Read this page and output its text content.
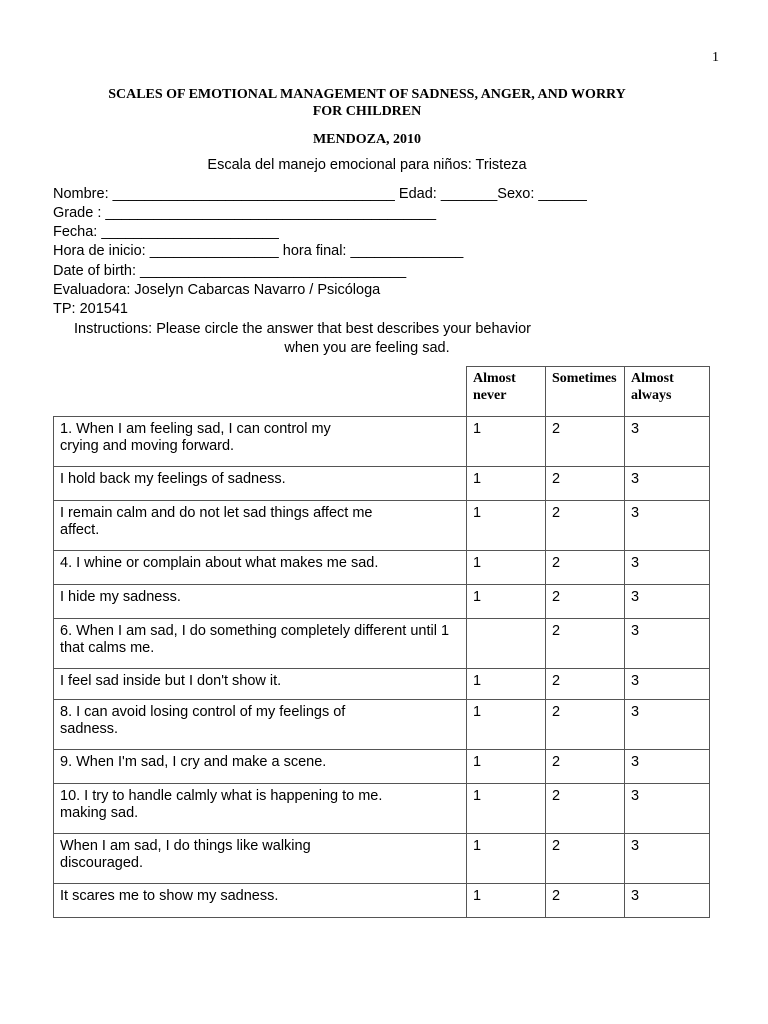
1
SCALES OF EMOTIONAL MANAGEMENT OF SADNESS, ANGER, AND WORRY
FOR CHILDREN
MENDOZA, 2010
Escala del manejo emocional para niños: Tristeza
Nombre: ___________________________________ Edad: _______Sexo: ______
Grade : _________________________________________
Fecha: ______________________
Hora de inicio: ________________ hora final: ______________
Date of birth: _________________________________
Evaluadora: Joselyn Cabarcas Navarro / Psicóloga
TP: 201541
Instructions: Please circle the answer that best describes your behavior
when you are feeling sad.
	Almost never	Sometimes	Almost always
1. When I am feeling sad, I can control my
crying and moving forward.	1	2	3
I hold back my feelings of sadness.	1	2	3
I remain calm and do not let sad things affect me
affect.	1	2	3
4. I whine or complain about what makes me sad.	1	2	3
I hide my sadness.	1	2	3
6. When I am sad, I do something completely different until 1
that calms me.		2	3
I feel sad inside but I don't show it.	1	2	3
8. I can avoid losing control of my feelings of
sadness.	1	2	3
9. When I'm sad, I cry and make a scene.	1	2	3
10. I try to handle calmly what is happening to me.
making sad.	1	2	3
When I am sad, I do things like walking
discouraged.	1	2	3
It scares me to show my sadness.	1	2	3
